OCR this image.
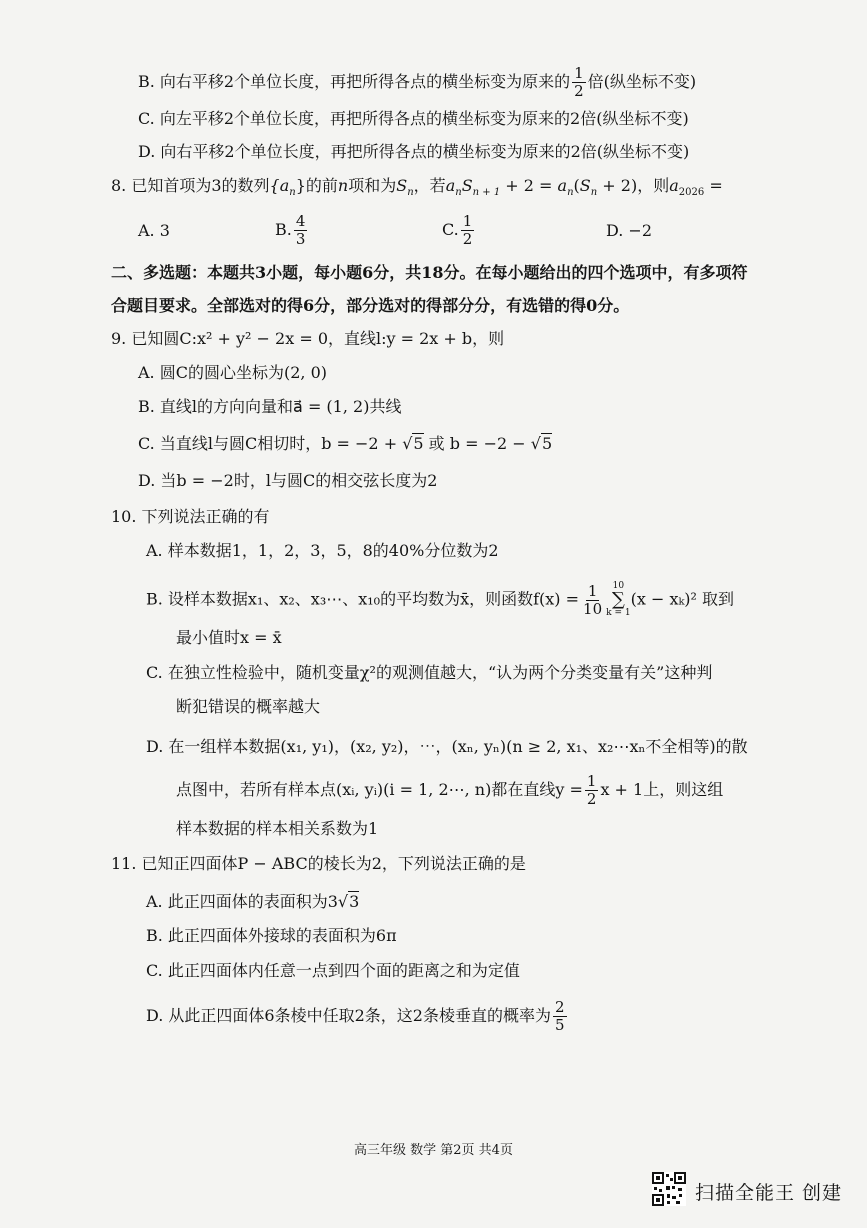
B. 向右平移2个单位长度，再把所得各点的横坐标变为原来的 $\frac{1}{2}$ 倍(纵坐标不变)
C. 向左平移2个单位长度，再把所得各点的横坐标变为原来的2倍(纵坐标不变)
D. 向右平移2个单位长度，再把所得各点的横坐标变为原来的2倍(纵坐标不变)
8. 已知首项为3的数列$\{a_n\}$的前n项和为$S_n$，若$a_nS_{n + 1} + 2 = a_n(S_n + 2)$，则$a_{2026}$ =
A. 3	B. $\frac{4}{3}$	C. $\frac{1}{2}$	D. −2
二、多选题：本题共3小题，每小题6分，共18分。在每小题给出的四个选项中，有多项符
合题目要求。全部选对的得6分，部分选对的得部分分，有选错的得0分。
9. 已知圆C:x² + y² − 2x = 0，直线l:y = 2x + b，则
A. 圆C的圆心坐标为(2, 0)
B. 直线l的方向向量和a⃗ = (1, 2)共线
C. 当直线l与圆C相切时，b = −2 + √5 或 b = −2 − √5
D. 当b = −2时，l与圆C的相交弦长度为2
10. 下列说法正确的有
A. 样本数据1，1，2，3，5，8的40%分位数为2
B. 设样本数据x₁、x₂、x₃⋯、x₁₀的平均数为x̄，则函数$f(x) = \frac{1}{10} 10$
∑
k = 1
(x − xₖ)² 取到
最小值时x = x̄
C. 在独立性检验中，随机变量χ²的观测值越大，“认为两个分类变量有关”这种判
断犯错误的概率越大
D. 在一组样本数据(x₁, y₁)，(x₂, y₂)，⋯，(xₙ, yₙ)(n ≥ 2, x₁、x₂⋯xₙ不全相等)的散
点图中，若所有样本点(xᵢ, yᵢ)(i = 1, 2⋯, n)都在直线$y = \frac{1}{2}$ x + 1上，则这组
样本数据的样本相关系数为1
11. 已知正四面体P − ABC的棱长为2，下列说法正确的是
A. 此正四面体的表面积为3√3
B. 此正四面体外接球的表面积为6π
C. 此正四面体内任意一点到四个面的距离之和为定值
D. 从此正四面体6条棱中任取2条，这2条棱垂直的概率为 $\frac{2}{5}$
高三年级 数学 第2页 共4页
扫描全能王 创建
